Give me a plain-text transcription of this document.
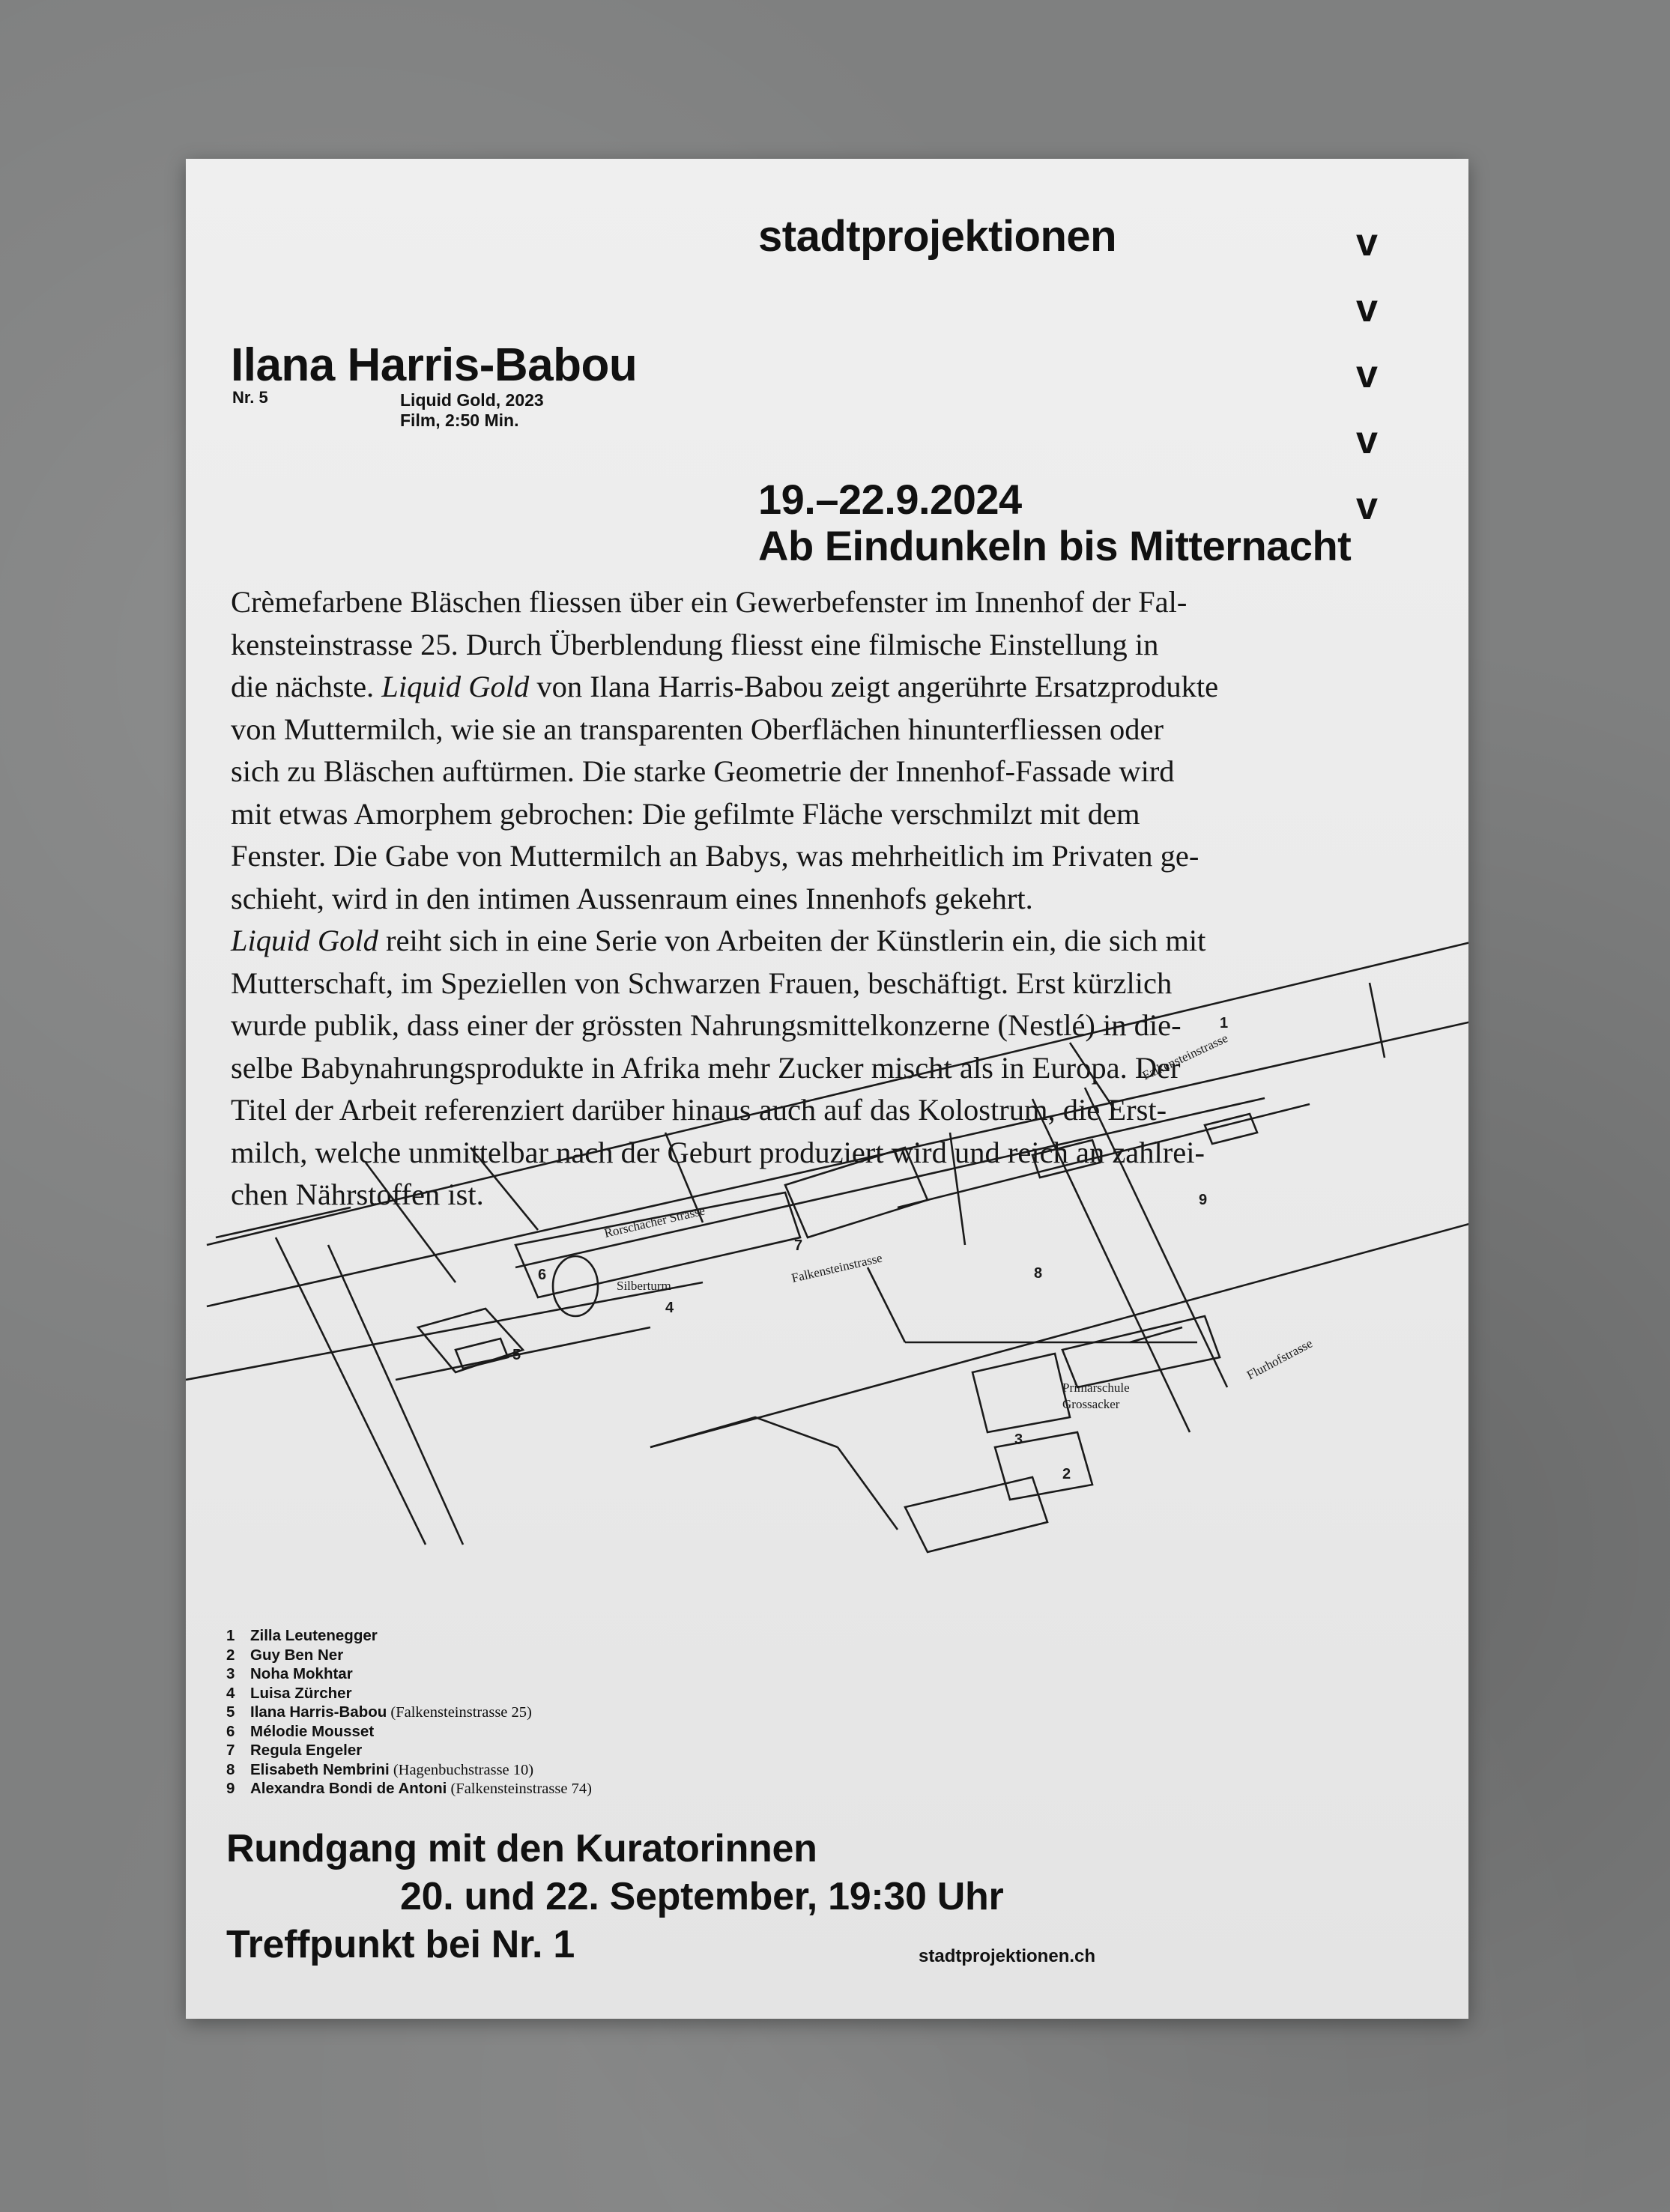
stadtprojektionen	v
v
v
v
v
Ilana Harris-Babou
Nr. 5	Liquid Gold, 2023
Film, 2:50 Min.
19.–22.9.2024
Ab Eindunkeln bis Mitternacht
Crèmefarbene Bläschen fliessen über ein Gewerbefenster im Innenhof der Fal-
kensteinstrasse 25. Durch Überblendung fliesst eine filmische Einstellung in
die nächste. Liquid Gold von Ilana Harris-Babou zeigt angerührte Ersatzprodukte
von Muttermilch, wie sie an transparenten Oberflächen hinunterfliessen oder
sich zu Bläschen auftürmen. Die starke Geometrie der Innenhof-Fassade wird
mit etwas Amorphem gebrochen: Die gefilmte Fläche verschmilzt mit dem
Fenster. Die Gabe von Muttermilch an Babys, was mehrheitlich im Privaten ge-
schieht, wird in den intimen Aussenraum eines Innenhofs gekehrt.
Liquid Gold reiht sich in eine Serie von Arbeiten der Künstlerin ein, die sich mit
Mutterschaft, im Speziellen von Schwarzen Frauen, beschäftigt. Erst kürzlich
wurde publik, dass einer der grössten Nahrungsmittelkonzerne (Nestlé) in die-
selbe Babynahrungsprodukte in Afrika mehr Zucker mischt als in Europa. Der
Titel der Arbeit referenziert darüber hinaus auch auf das Kolostrum, die Erst-
milch, welche unmittelbar nach der Geburt produziert wird und reich an zahlrei-
chen Nährstoffen ist.
Rorschacher Strasse
Falkensteinstrasse
Falkensteinstrasse
Flurhofstrasse
Silberturm
Primarschule
Grossacker
1
2
3
4
5
6
7
8
9
1 Zilla Leutenegger
2 Guy Ben Ner
3 Noha Mokhtar
4 Luisa Zürcher
5 Ilana Harris-Babou (Falkensteinstrasse 25)
6 Mélodie Mousset
7 Regula Engeler
8 Elisabeth Nembrini (Hagenbuchstrasse 10)
9 Alexandra Bondi de Antoni (Falkensteinstrasse 74)
Rundgang mit den Kuratorinnen
20. und 22. September, 19:30 Uhr
Treffpunkt bei Nr. 1	stadtprojektionen.ch
